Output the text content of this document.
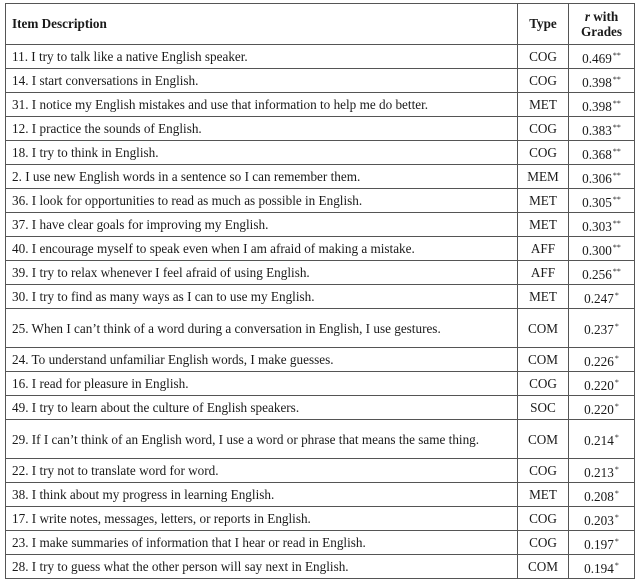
Item Description	Type	r with
Grades
11. I try to talk like a native English speaker.	COG	0.469**
14. I start conversations in English.	COG	0.398**
31. I notice my English mistakes and use that information to help me do better.	MET	0.398**
12. I practice the sounds of English.	COG	0.383**
18. I try to think in English.	COG	0.368**
2. I use new English words in a sentence so I can remember them.	MEM	0.306**
36. I look for opportunities to read as much as possible in English.	MET	0.305**
37. I have clear goals for improving my English.	MET	0.303**
40. I encourage myself to speak even when I am afraid of making a mistake.	AFF	0.300**
39. I try to relax whenever I feel afraid of using English.	AFF	0.256**
30. I try to find as many ways as I can to use my English.	MET	0.247*
25. When I can’t think of a word during a conversation in English, I use gestures.	COM	0.237*
24. To understand unfamiliar English words, I make guesses.	COM	0.226*
16. I read for pleasure in English.	COG	0.220*
49. I try to learn about the culture of English speakers.	SOC	0.220*
29. If I can’t think of an English word, I use a word or phrase that means the same thing.	COM	0.214*
22. I try not to translate word for word.	COG	0.213*
38. I think about my progress in learning English.	MET	0.208*
17. I write notes, messages, letters, or reports in English.	COG	0.203*
23. I make summaries of information that I hear or read in English.	COG	0.197*
28. I try to guess what the other person will say next in English.	COM	0.194*
